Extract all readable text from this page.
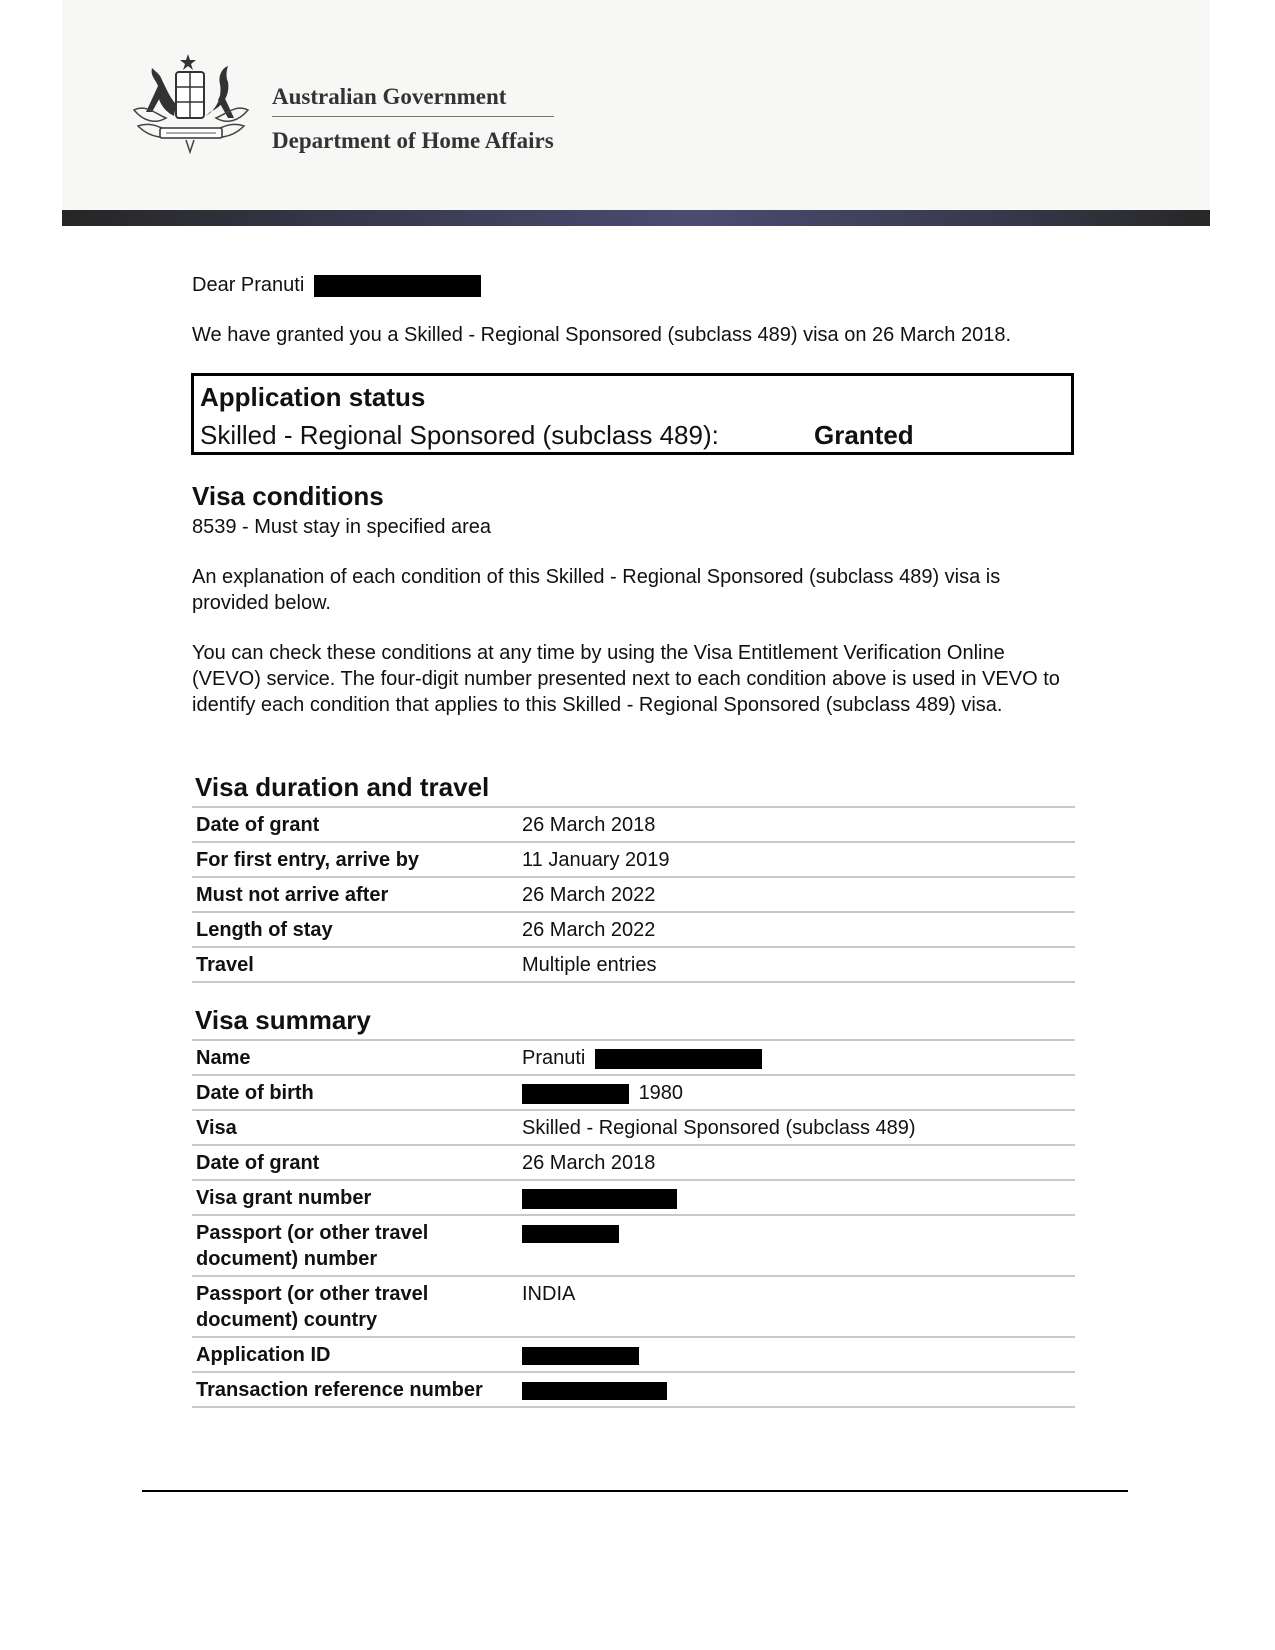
Australian Government
Department of Home Affairs
Dear Pranuti
We have granted you a Skilled - Regional Sponsored (subclass 489) visa on 26 March 2018.
Application status
Skilled - Regional Sponsored (subclass 489):	Granted
Visa conditions
8539 - Must stay in specified area
An explanation of each condition of this Skilled - Regional Sponsored (subclass 489) visa is provided below.
You can check these conditions at any time by using the Visa Entitlement Verification Online (VEVO) service. The four-digit number presented next to each condition above is used in VEVO to identify each condition that applies to this Skilled - Regional Sponsored (subclass 489) visa.
Visa duration and travel
Date of grant	26 March 2018
For first entry, arrive by	11 January 2019
Must not arrive after	26 March 2022
Length of stay	26 March 2022
Travel	Multiple entries
Visa summary
Name	Pranuti
Date of birth	1980
Visa	Skilled - Regional Sponsored (subclass 489)
Date of grant	26 March 2018
Visa grant number	
Passport (or other travel document) number	
Passport (or other travel document) country	INDIA
Application ID	
Transaction reference number	
